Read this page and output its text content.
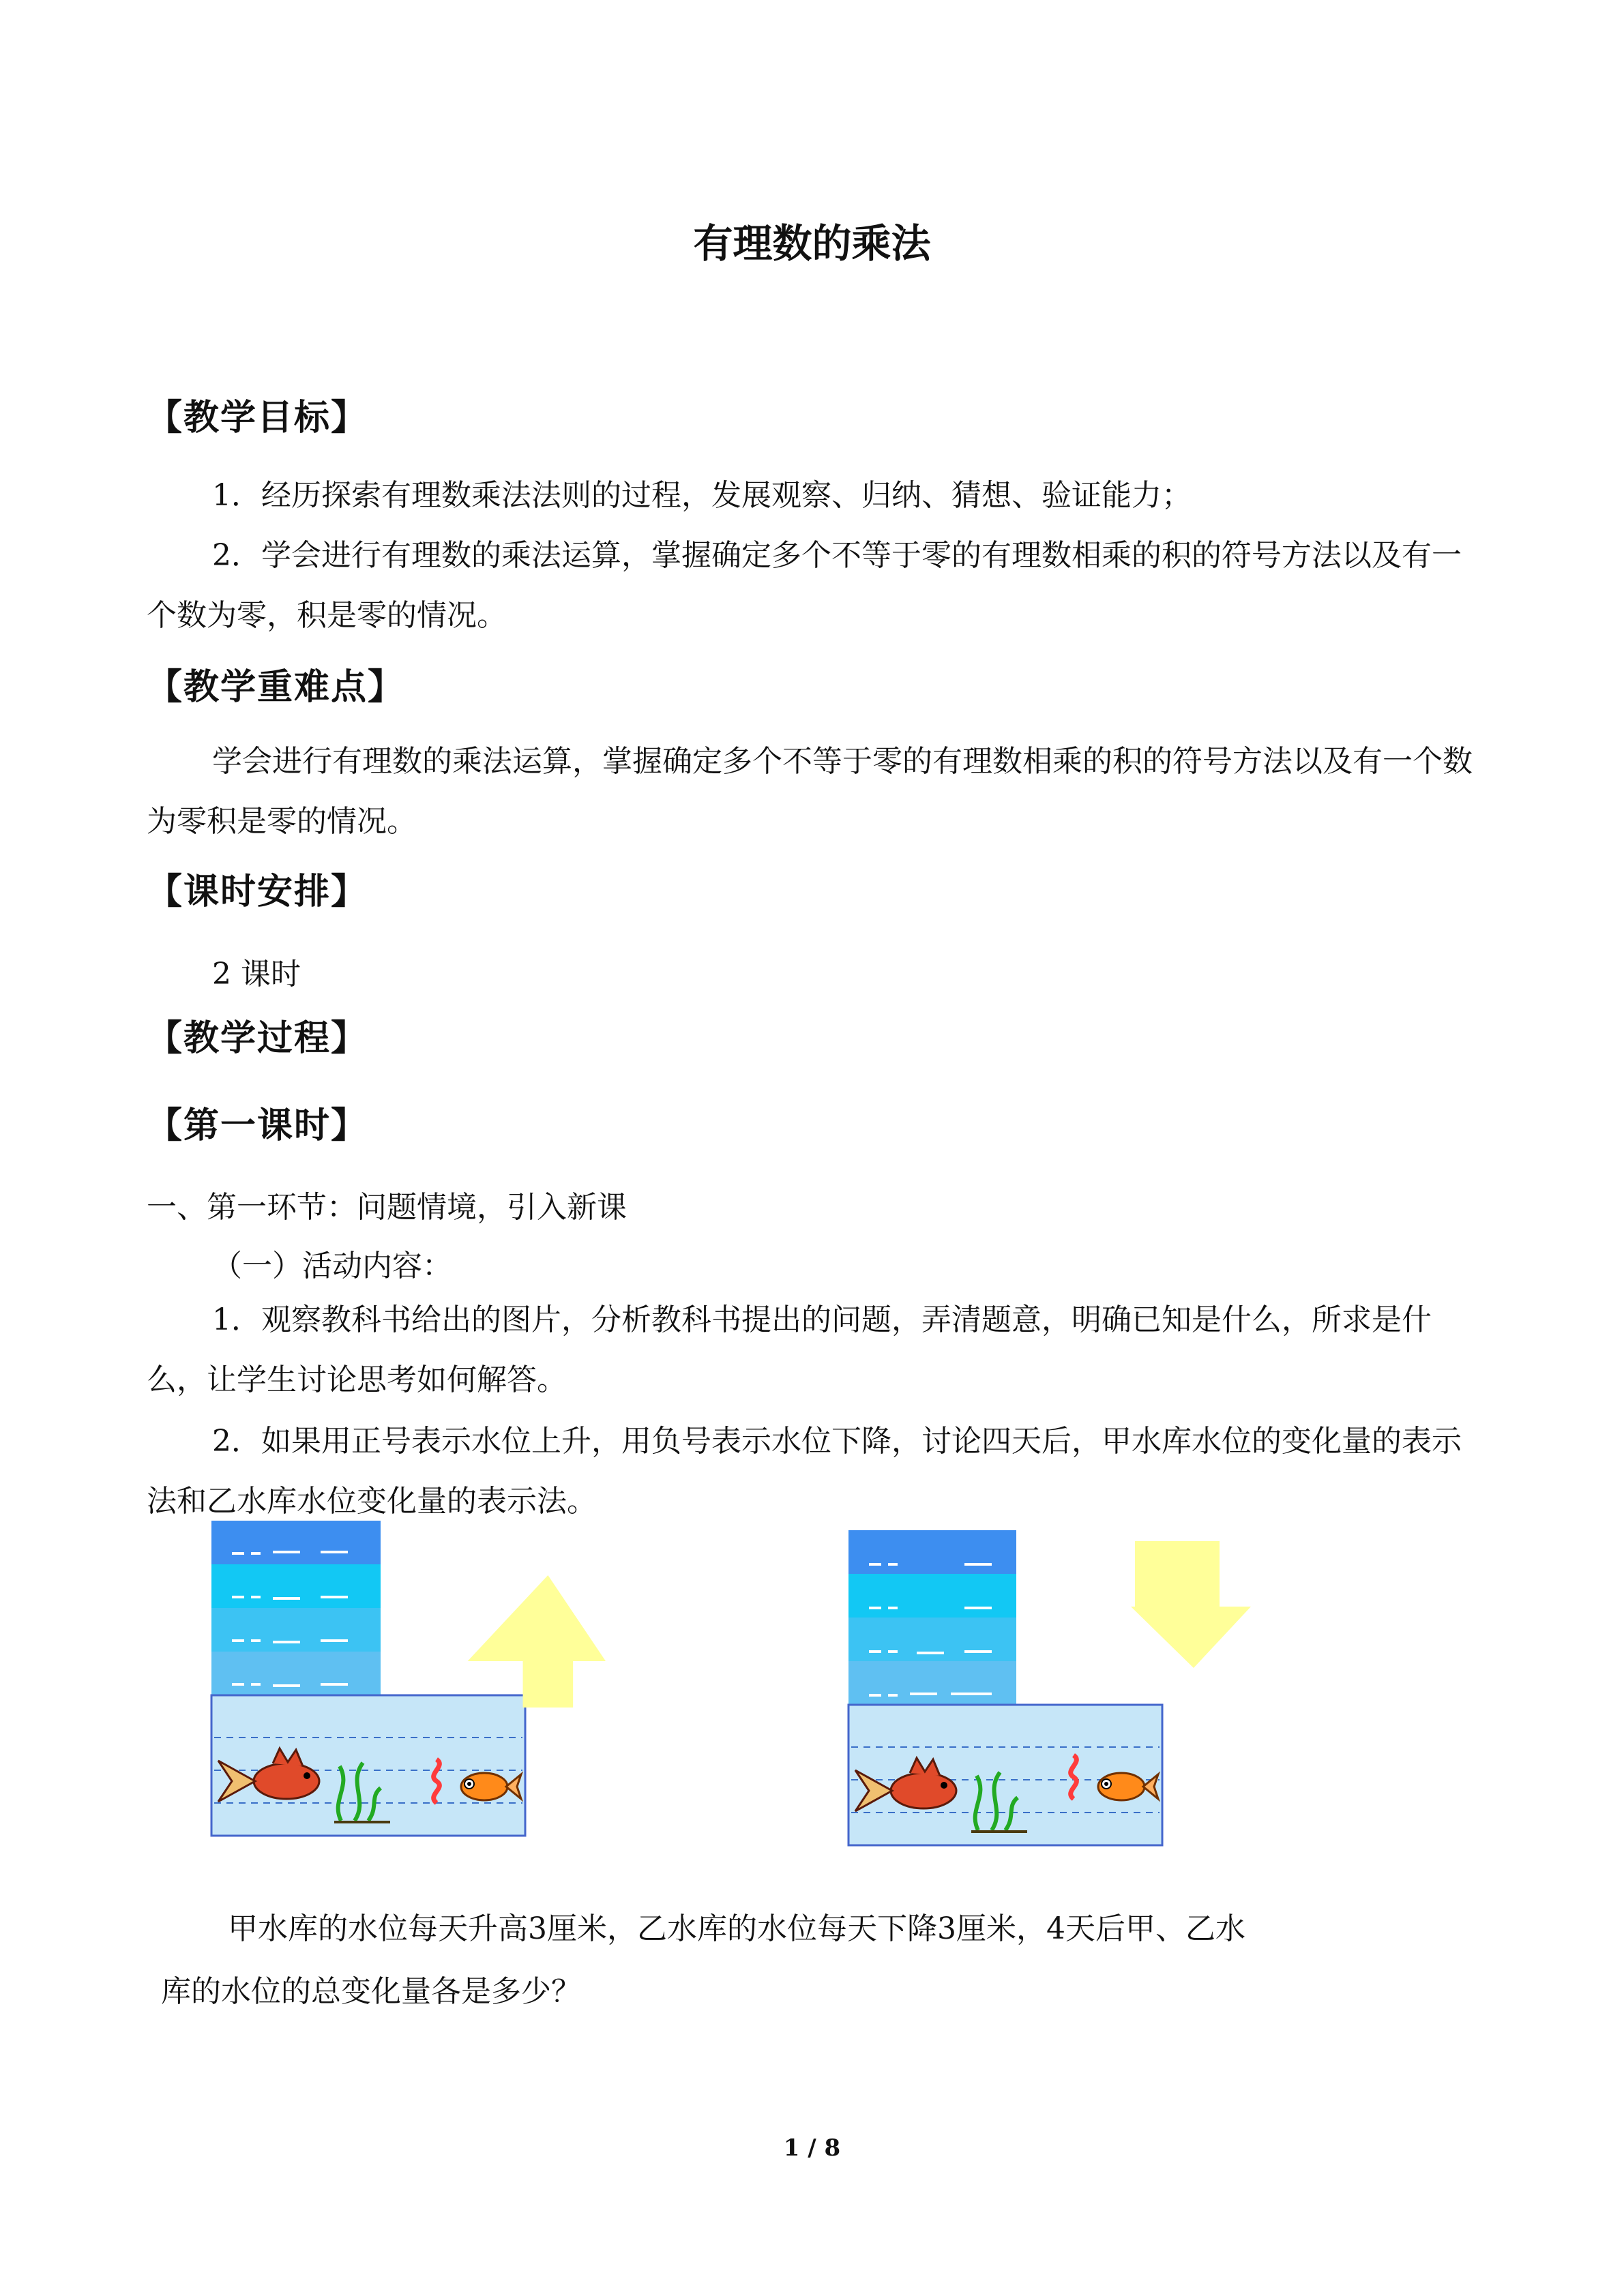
有理数的乘法
【教学目标】
1．经历探索有理数乘法法则的过程，发展观察、归纳、猜想、验证能力；
2．学会进行有理数的乘法运算，掌握确定多个不等于零的有理数相乘的积的符号方法以及有一个数为零，积是零的情况。
【教学重难点】
学会进行有理数的乘法运算，掌握确定多个不等于零的有理数相乘的积的符号方法以及有一个数为零积是零的情况。
【课时安排】
2 课时
【教学过程】
【第一课时】
一、第一环节：问题情境，引入新课
（一）活动内容：
1．观察教科书给出的图片，分析教科书提出的问题，弄清题意，明确已知是什么，所求是什么，让学生讨论思考如何解答。
2．如果用正号表示水位上升，用负号表示水位下降，讨论四天后，甲水库水位的变化量的表示法和乙水库水位变化量的表示法。
甲水库的水位每天升高3厘米，乙水库的水位每天下降3厘米，4天后甲、乙水
库的水位的总变化量各是多少？
1 / 8
